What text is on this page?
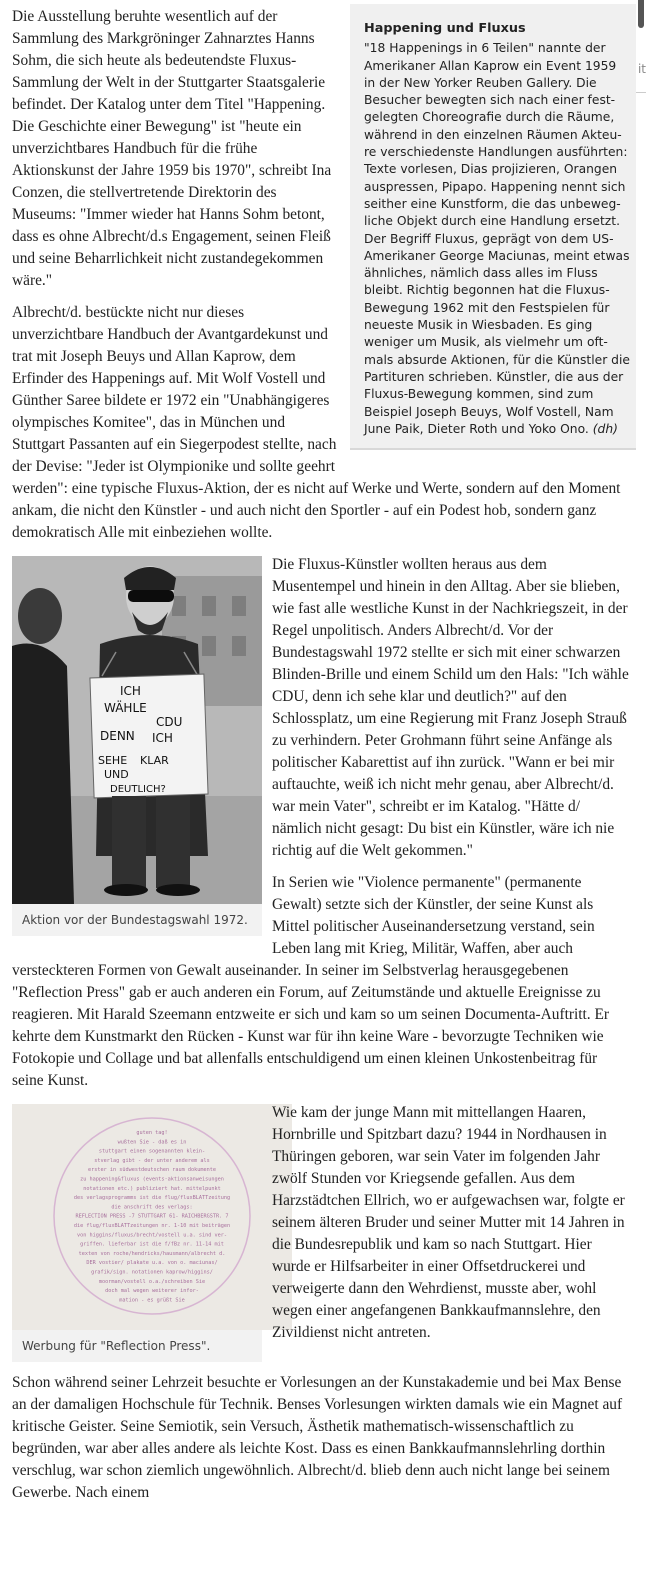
it
Happening und Fluxus
"18 Happenings in 6 Teilen" nannte der Amerikaner Allan Kaprow ein Event 1959 in der New Yorker Reuben Gallery. Die Besucher bewegten sich nach einer fest-gelegten Choreografie durch die Räume, während in den einzelnen Räumen Akteu-re verschiedenste Handlungen ausführten: Texte vorlesen, Dias projizieren, Orangen auspressen, Pipapo. Happening nennt sich seither eine Kunstform, die das unbeweg-liche Objekt durch eine Handlung ersetzt. Der Begriff Fluxus, geprägt von dem US-Amerikaner George Maciunas, meint etwas ähnliches, nämlich dass alles im Fluss bleibt. Richtig begonnen hat die Fluxus-Bewegung 1962 mit den Festspielen für neueste Musik in Wiesbaden. Es ging weniger um Musik, als vielmehr um oft-mals absurde Aktionen, für die Künstler die Partituren schrieben. Künstler, die aus der Fluxus-Bewegung kommen, sind zum Beispiel Joseph Beuys, Wolf Vostell, Nam June Paik, Dieter Roth und Yoko Ono. (dh)

Die Ausstellung beruhte wesentlich auf der Sammlung des Markgröninger Zahnarztes Hanns Sohm, die sich heute als bedeutendste Fluxus-Sammlung der Welt in der Stuttgarter Staatsgalerie befindet. Der Katalog unter dem Titel "Happening. Die Geschichte einer Bewegung" ist "heute ein unverzichtbares Handbuch für die frühe Aktionskunst der Jahre 1959 bis 1970", schreibt Ina Conzen, die stellvertretende Direktorin des Museums: "Immer wieder hat Hanns Sohm betont, dass es ohne Albrecht/d.s Engagement, seinen Fleiß und seine Beharrlichkeit nicht zustandegekommen wäre."

Albrecht/d. bestückte nicht nur dieses unverzichtbare Handbuch der Avantgardekunst und trat mit Joseph Beuys und Allan Kaprow, dem Erfinder des Happenings auf. Mit Wolf Vostell und Günther Saree bildete er 1972 ein "Unabhängigeres olympisches Komitee", das in München und Stuttgart Passanten auf ein Siegerpodest stellte, nach der Devise: "Jeder ist Olympionike und sollte geehrt werden": eine typische Fluxus-Aktion, der es nicht auf Werke und Werte, sondern auf den Moment ankam, die nicht den Künstler - und auch nicht den Sportler - auf ein Podest hob, sondern ganz demokratisch Alle mit einbeziehen wollte.

ICH
WÄHLE
CDU
DENN ICH
SEHE KLAR
UND
DEUTLICH?
Aktion vor der Bundestagswahl 1972.

Die Fluxus-Künstler wollten heraus aus dem Musentempel und hinein in den Alltag. Aber sie blieben, wie fast alle westliche Kunst in der Nachkriegszeit, in der Regel unpolitisch. Anders Albrecht/d. Vor der Bundestagswahl 1972 stellte er sich mit einer schwarzen Blinden-Brille und einem Schild um den Hals: "Ich wähle CDU, denn ich sehe klar und deutlich?" auf den Schlossplatz, um eine Regierung mit Franz Joseph Strauß zu verhindern. Peter Grohmann führt seine Anfänge als politischer Kabarettist auf ihn zurück. "Wann er bei mir auftauchte, weiß ich nicht mehr genau, aber Albrecht/d. war mein Vater", schreibt er im Katalog. "Hätte d/ nämlich nicht gesagt: Du bist ein Künstler, wäre ich nie richtig auf die Welt gekommen."

In Serien wie "Violence permanente" (permanente Gewalt) setzte sich der Künstler, der seine Kunst als Mittel politischer Auseinandersetzung verstand, sein Leben lang mit Krieg, Militär, Waffen, aber auch versteckteren Formen von Gewalt auseinander. In seiner im Selbstverlag herausgegebenen "Reflection Press" gab er auch anderen ein Forum, auf Zeitumstände und aktuelle Ereignisse zu reagieren. Mit Harald Szeemann entzweite er sich und kam so um seinen Documenta-Auftritt. Er kehrte dem Kunstmarkt den Rücken - Kunst war für ihn keine Ware - bevorzugte Techniken wie Fotokopie und Collage und bat allenfalls entschuldigend um einen kleinen Unkostenbeitrag für seine Kunst.

guten tag!
wußten Sie - daß es in
stuttgart einen sogenannten klein-
stverlag gibt - der unter anderem als
erster in südwestdeutschen raum dokumente
zu happening&fluxus (events·aktionsanweisungen
notationen etc.) publiziert hat. mittelpunkt
des verlagsprogramms ist die flug/fluxBLATTzeitung
die anschrift des verlags:
REFLECTION PRESS -7 STUTTGART 61- RAICHBERGSTR. 7
die flug/fluxBLATTzeitungen nr. 1-10 mit beiträgen
von higgins/fluxus/brecht/vostell u.a. sind ver-
griffen. lieferbar ist die f/fBz nr. 11-14 mit
texten von roche/hendricks/hausmann/albrecht d.
DER vostier/ plakate u.a. von o. maciunas/
grafik/sign. notationen kaprow/higgins/
moorman/vostell o.a./schreiben Sie
doch mal wegen weiterer infor-
mation - es grüßt Sie
Werbung für "Reflection Press".

Wie kam der junge Mann mit mittellangen Haaren, Hornbrille und Spitzbart dazu? 1944 in Nordhausen in Thüringen geboren, war sein Vater im folgenden Jahr zwölf Stunden vor Kriegsende gefallen. Aus dem Harzstädtchen Ellrich, wo er aufgewachsen war, folgte er seinem älteren Bruder und seiner Mutter mit 14 Jahren in die Bundesrepublik und kam so nach Stuttgart. Hier wurde er Hilfsarbeiter in einer Offsetdruckerei und verweigerte dann den Wehrdienst, musste aber, wohl wegen einer angefangenen Bankkaufmannslehre, den Zivildienst nicht antreten.

Schon während seiner Lehrzeit besuchte er Vorlesungen an der Kunstakademie und bei Max Bense an der damaligen Hochschule für Technik. Benses Vorlesungen wirkten damals wie ein Magnet auf kritische Geister. Seine Semiotik, sein Versuch, Ästhetik mathematisch-wissenschaftlich zu begründen, war aber alles andere als leichte Kost. Dass es einen Bankkaufmannslehrling dorthin verschlug, war schon ziemlich ungewöhnlich. Albrecht/d. blieb denn auch nicht lange bei seinem Gewerbe. Nach einem
